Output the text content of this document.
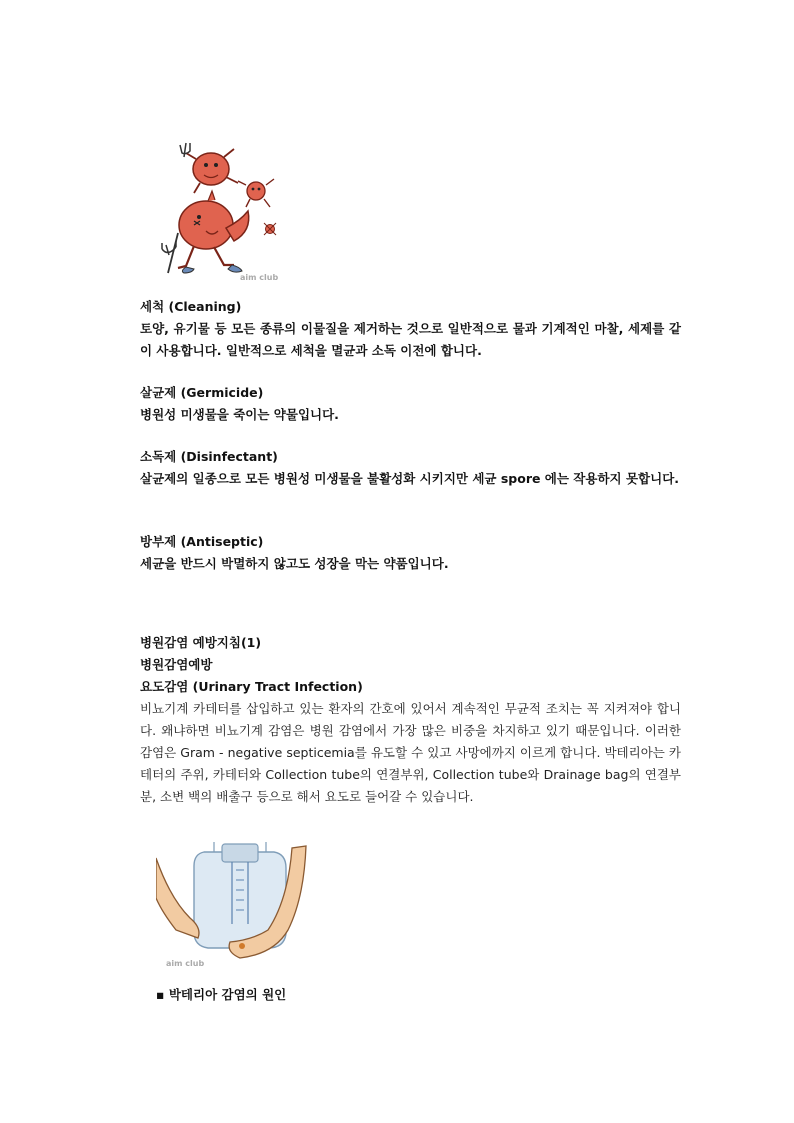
aim club
세척 (Cleaning)
토양, 유기물 등 모든 종류의 이물질을 제거하는 것으로 일반적으로 물과 기계적인 마찰, 세제를 같이 사용합니다. 일반적으로 세척을 멸균과 소독 이전에 합니다.
살균제 (Germicide)
병원성 미생물을 죽이는 약물입니다.
소독제 (Disinfectant)
살균제의 일종으로 모든 병원성 미생물을 불활성화 시키지만 세균 spore 에는 작용하지 못합니다.
방부제 (Antiseptic)
세균을 반드시 박멸하지 않고도 성장을 막는 약품입니다.
병원감염 예방지침(1)
병원감염예방
요도감염 (Urinary Tract Infection)
비뇨기계 카테터를 삽입하고 있는 환자의 간호에 있어서 계속적인 무균적 조치는 꼭 지켜져야 합니다. 왜냐하면 비뇨기계 감염은 병원 감염에서 가장 많은 비중을 차지하고 있기 때문입니다. 이러한 감염은 Gram - negative septicemia를 유도할 수 있고 사망에까지 이르게 합니다. 박테리아는 카테터의 주위, 카테터와 Collection tube의 연결부위, Collection tube와 Drainage bag의 연결부분, 소변 백의 배출구 등으로 해서 요도로 들어갈 수 있습니다.
aim club
▪ 박테리아 감염의 원인
